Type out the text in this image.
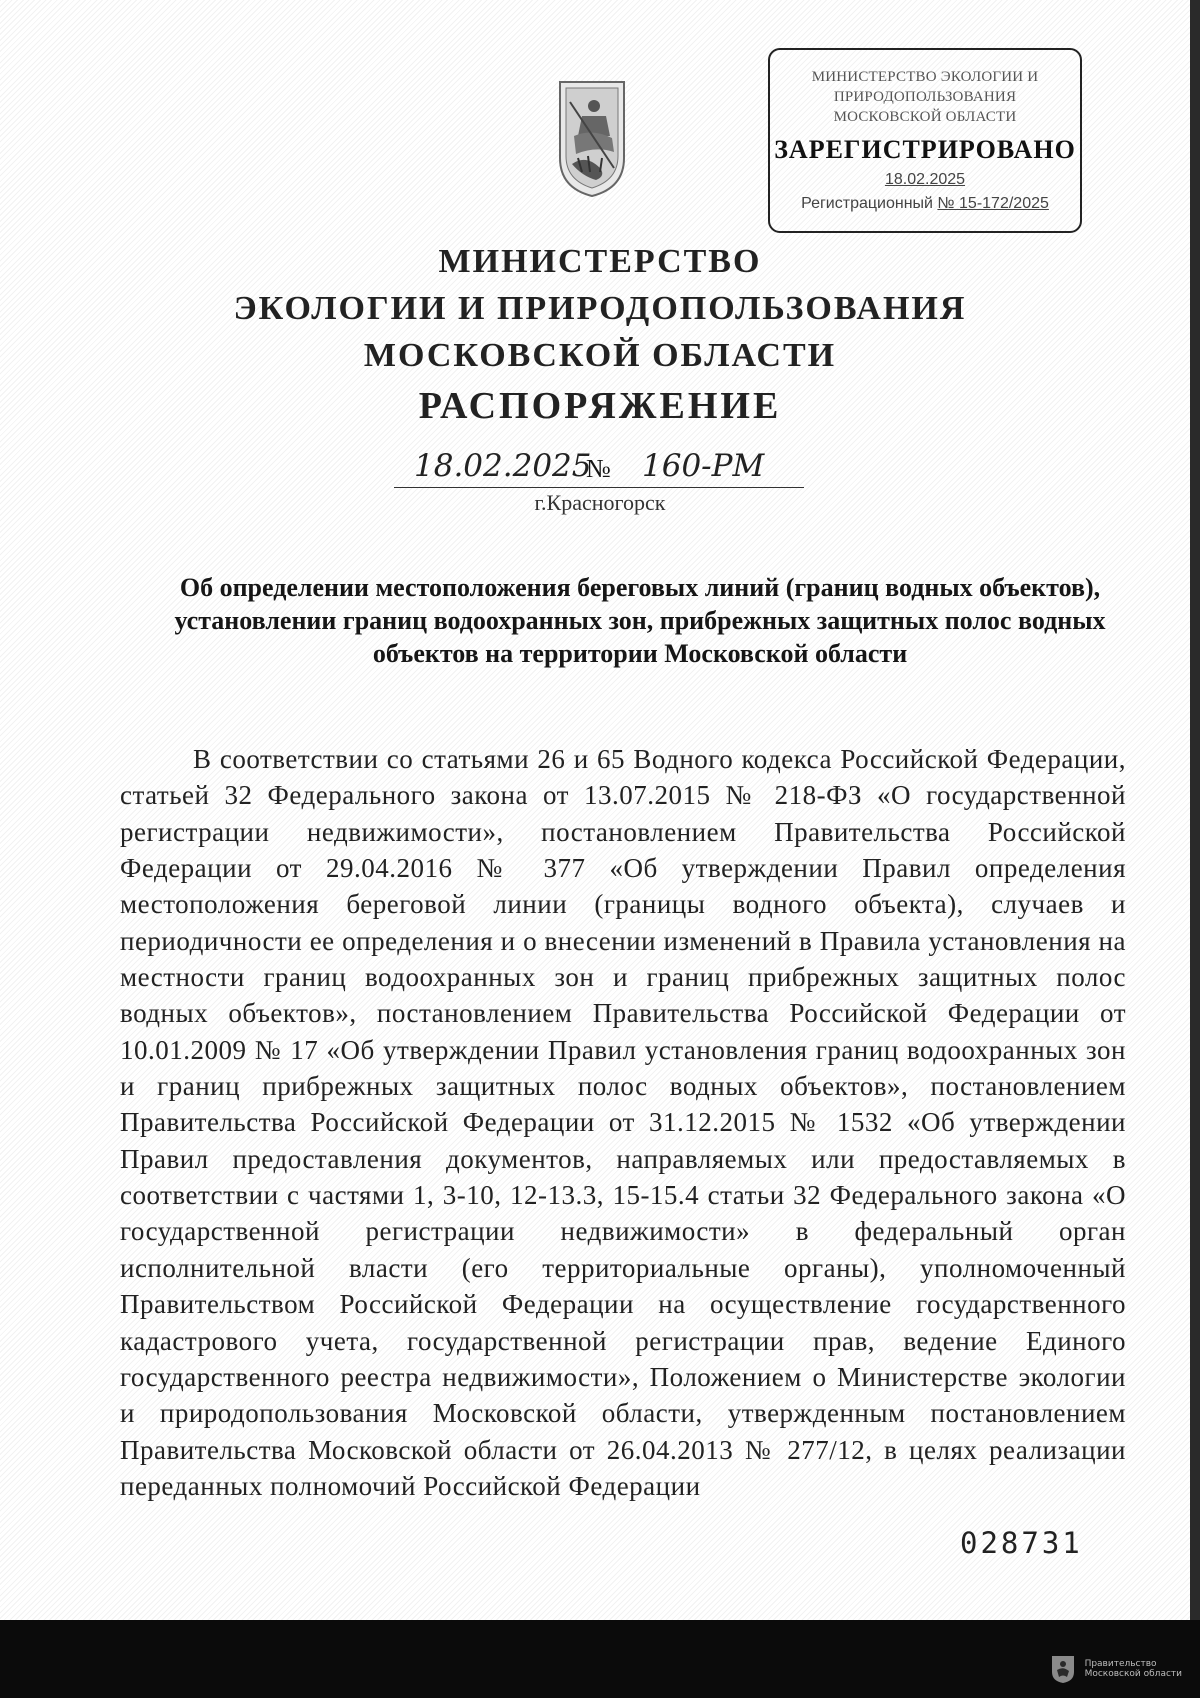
МИНИСТЕРСТВО ЭКОЛОГИИ И
ПРИРОДОПОЛЬЗОВАНИЯ
МОСКОВСКОЙ ОБЛАСТИ
ЗАРЕГИСТРИРОВАНО
18.02.2025
Регистрационный № 15-172/2025
МИНИСТЕРСТВО
ЭКОЛОГИИ И ПРИРОДОПОЛЬЗОВАНИЯ
МОСКОВСКОЙ ОБЛАСТИ
РАСПОРЯЖЕНИЕ
18.02.2025
№ 160-РМ
г.Красногорск
Об определении местоположения береговых линий (границ водных объектов), установлении границ водоохранных зон, прибрежных защитных полос водных объектов на территории Московской области
В соответствии со статьями 26 и 65 Водного кодекса Российской Федерации, статьей 32 Федерального закона от 13.07.2015 № 218-ФЗ «О государственной регистрации недвижимости», постановлением Правительства Российской Федерации от 29.04.2016 № 377 «Об утверждении Правил определения местоположения береговой линии (границы водного объекта), случаев и периодичности ее определения и о внесении изменений в Правила установления на местности границ водоохранных зон и границ прибрежных защитных полос водных объектов», постановлением Правительства Российской Федерации от 10.01.2009 № 17 «Об утверждении Правил установления границ водоохранных зон и границ прибрежных защитных полос водных объектов», постановлением Правительства Российской Федерации от 31.12.2015 № 1532 «Об утверждении Правил предоставления документов, направляемых или предоставляемых в соответствии с частями 1, 3-10, 12-13.3, 15-15.4 статьи 32 Федерального закона «О государственной регистрации недвижимости» в федеральный орган исполнительной власти (его территориальные органы), уполномоченный Правительством Российской Федерации на осуществление государственного кадастрового учета, государственной регистрации прав, ведение Единого государственного реестра недвижимости», Положением о Министерстве экологии и природопользования Московской области, утвержденным постановлением Правительства Московской области от 26.04.2013 № 277/12, в целях реализации переданных полномочий Российской Федерации
028731
Правительство
Московской области
